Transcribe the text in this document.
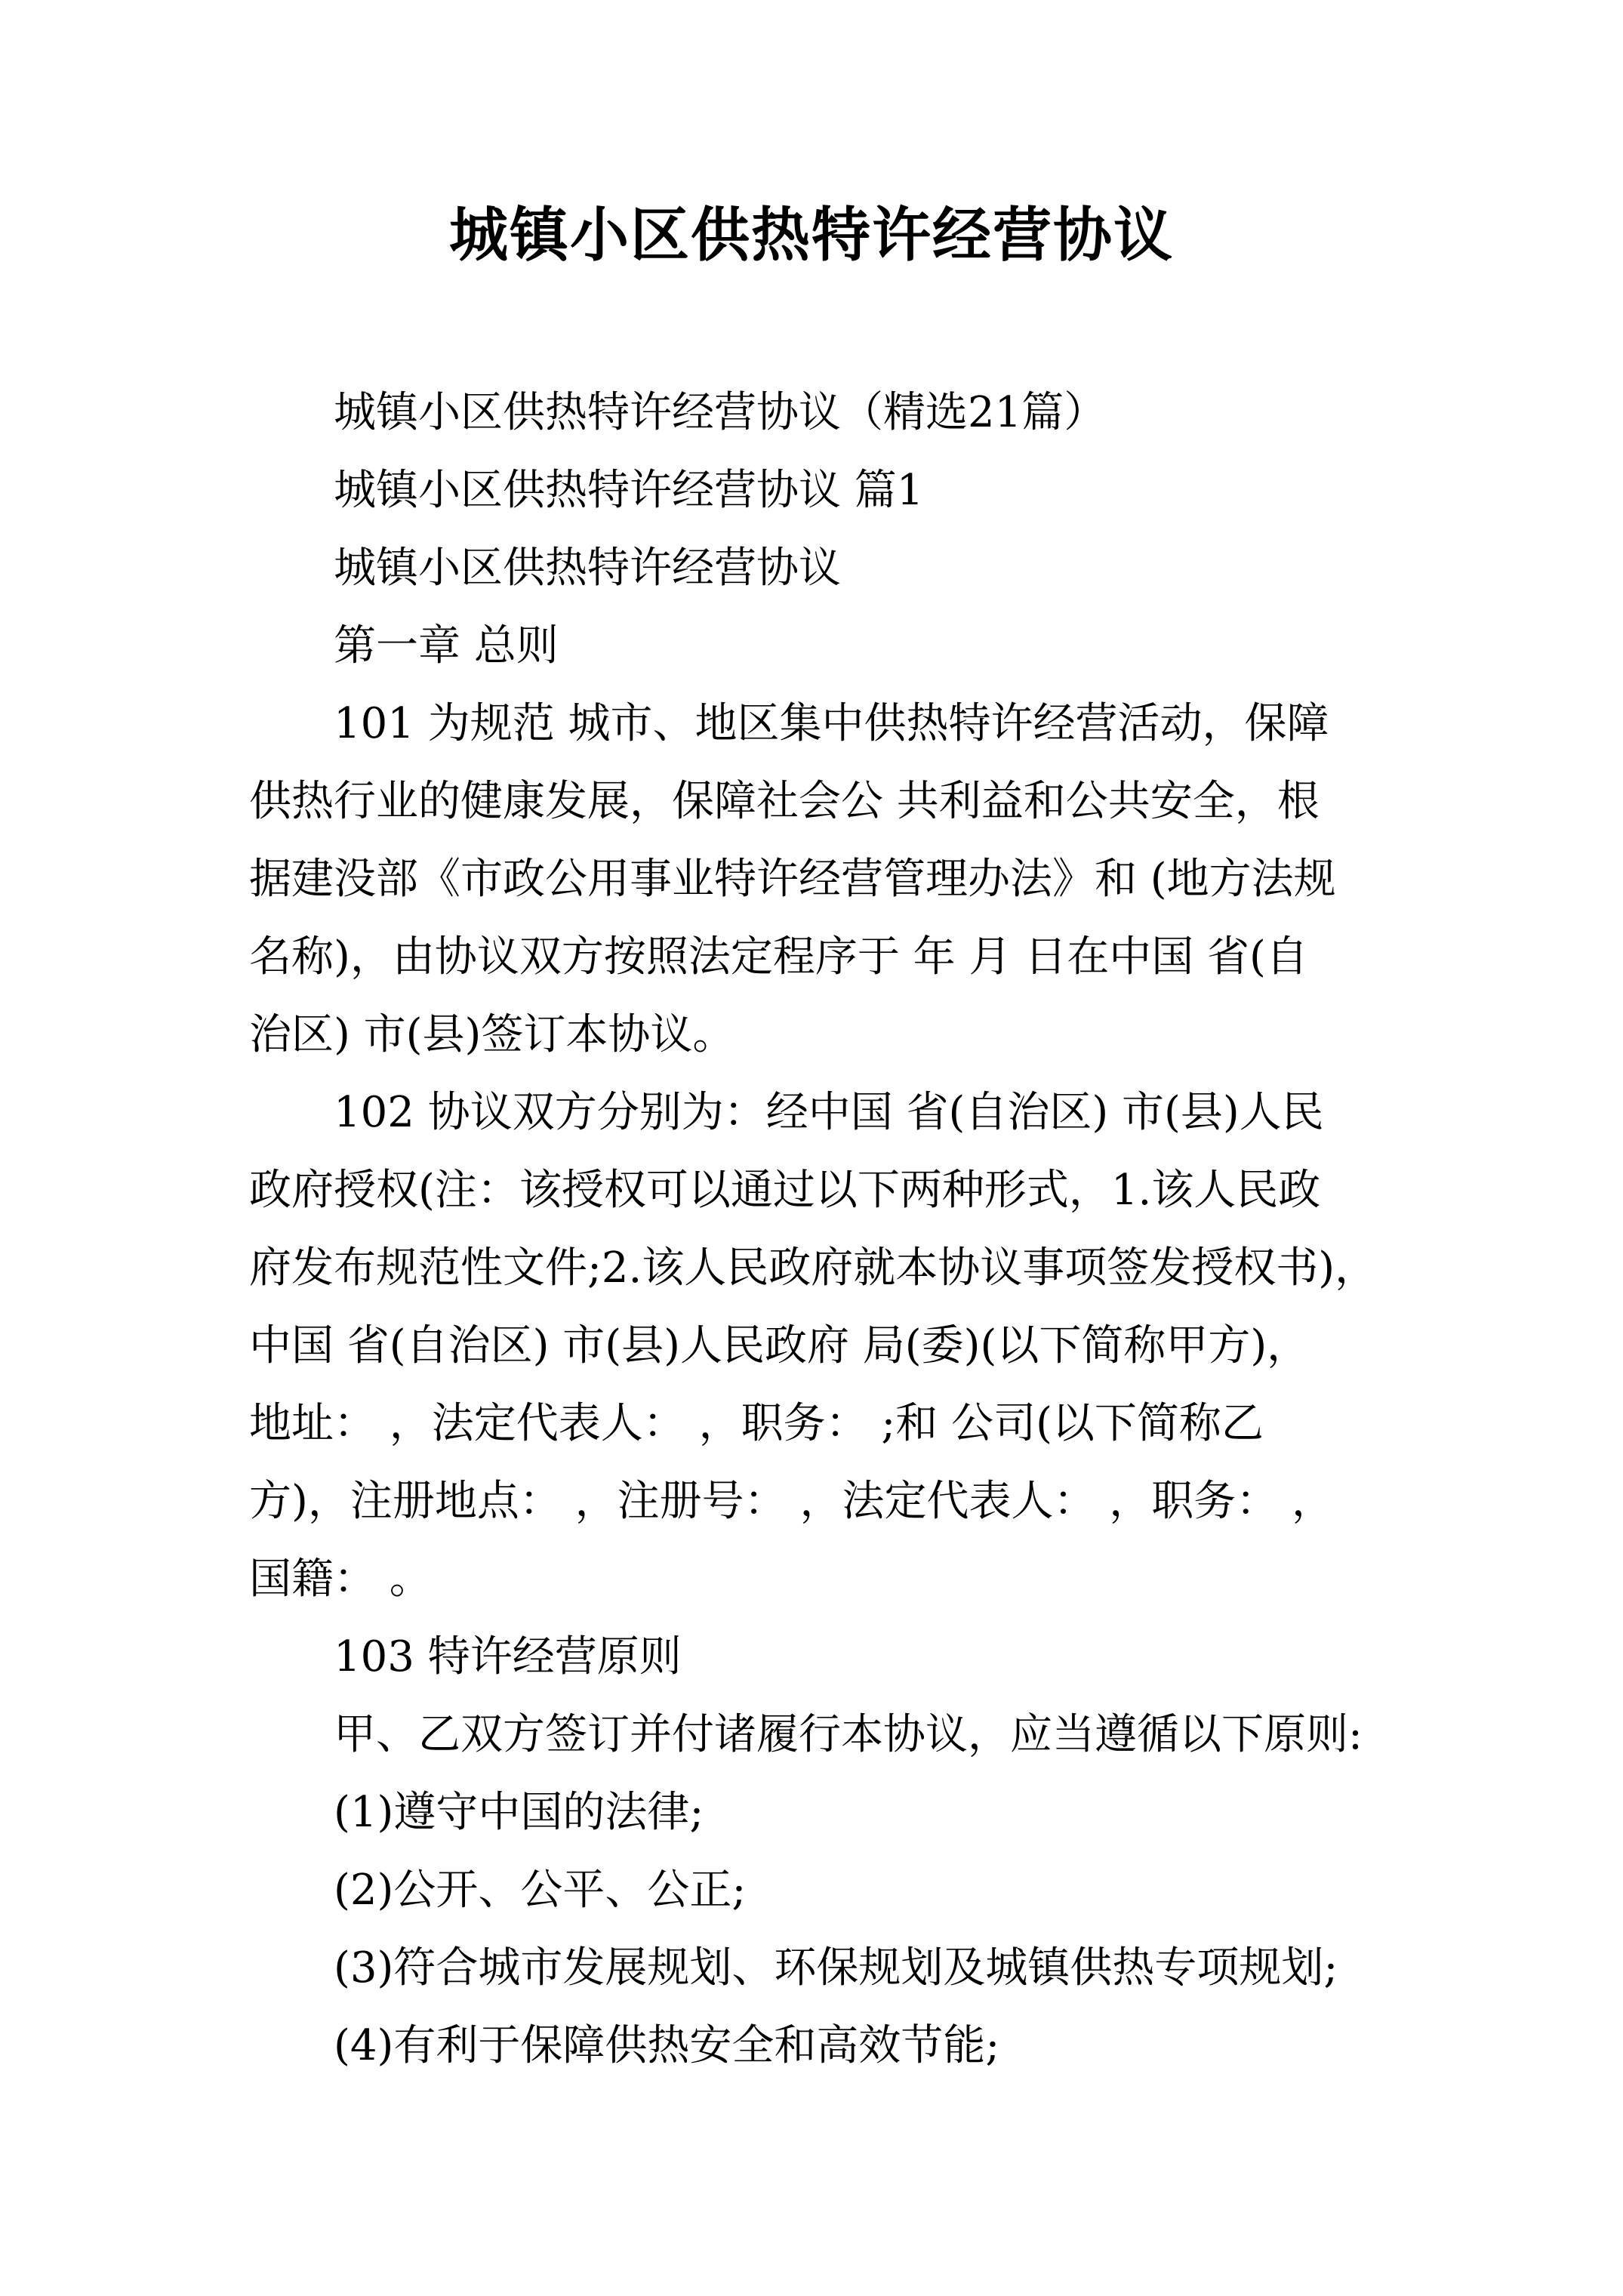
城镇小区供热特许经营协议
城镇小区供热特许经营协议（精选21篇）
城镇小区供热特许经营协议 篇1
城镇小区供热特许经营协议
第一章 总则
101 为规范 城市、地区集中供热特许经营活动，保障
供热行业的健康发展，保障社会公 共利益和公共安全，根
据建没部《市政公用事业特许经营管理办法》和 (地方法规
名称)，由协议双方按照法定程序于 年 月 日在中国 省(自
治区) 市(县)签订本协议。
102 协议双方分别为：经中国 省(自治区) 市(县)人民
政府授权(注：该授权可以通过以下两种形式，1.该人民政
府发布规范性文件;2.该人民政府就本协议事项签发授权书)，
中国 省(自治区) 市(县)人民政府 局(委)(以下简称甲方)，
地址： ，法定代表人： ，职务： ;和 公司(以下简称乙
方)，注册地点： ，注册号： ，法定代表人： ，职务： ，
国籍： 。
103 特许经营原则
甲、乙双方签订并付诸履行本协议，应当遵循以下原则:
(1)遵守中国的法律;
(2)公开、公平、公正;
(3)符合城市发展规划、环保规划及城镇供热专项规划;
(4)有利于保障供热安全和高效节能;
